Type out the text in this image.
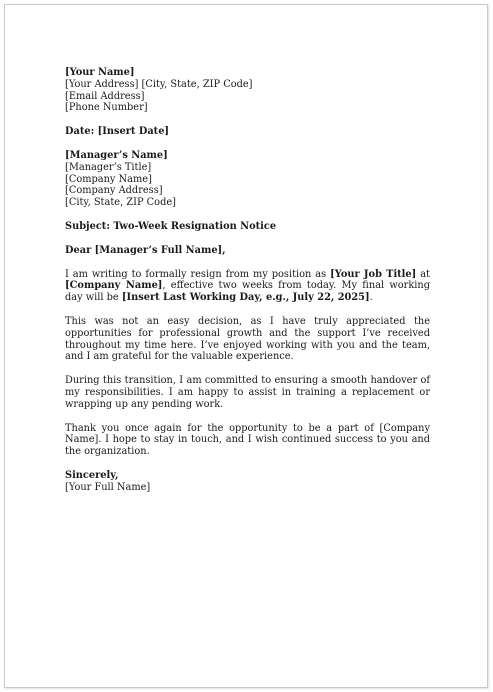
[Your Name]
[Your Address] [City, State, ZIP Code]
[Email Address]
[Phone Number]
Date: [Insert Date]
[Manager’s Name]
[Manager’s Title]
[Company Name]
[Company Address]
[City, State, ZIP Code]
Subject: Two-Week Resignation Notice
Dear [Manager’s Full Name],

I am writing to formally resign from my position as [Your Job Title] at [Company Name], effective two weeks from today. My final working day will be [Insert Last Working Day, e.g., July 22, 2025].

This was not an easy decision, as I have truly appreciated the opportunities for professional growth and the support I’ve received throughout my time here. I’ve enjoyed working with you and the team, and I am grateful for the valuable experience.

During this transition, I am committed to ensuring a smooth handover of my responsibilities. I am happy to assist in training a replacement or wrapping up any pending work.

Thank you once again for the opportunity to be a part of [Company Name]. I hope to stay in touch, and I wish continued success to you and the organization.

Sincerely,
[Your Full Name]
